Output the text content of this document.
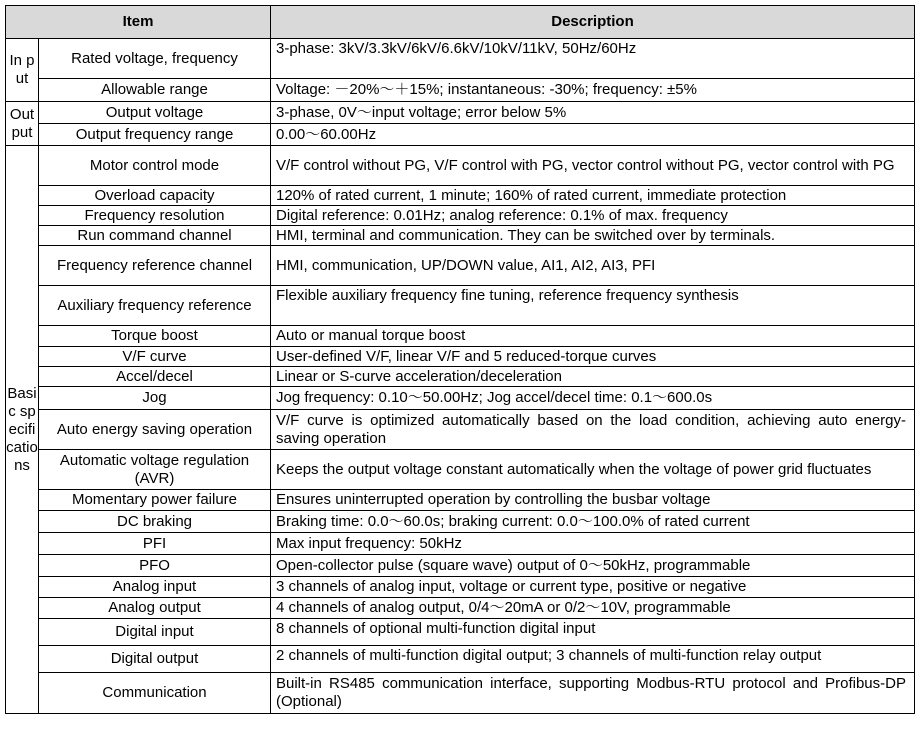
Item		Description
In put	Rated voltage, frequency	3-phase: 3kV/3.3kV/6kV/6.6kV/10kV/11kV, 50Hz/60Hz
	Allowable range	Voltage: －20%～＋15%; instantaneous: -30%; frequency: ±5%
Out put	Output voltage	3-phase, 0V～input voltage; error below 5%
	Output frequency range	0.00～60.00Hz
Basic specifications	Motor control mode	V/F control without PG, V/F control with PG, vector control without PG, vector control with PG
	Overload capacity	120% of rated current, 1 minute; 160% of rated current, immediate protection
	Frequency resolution	Digital reference: 0.01Hz; analog reference: 0.1% of max. frequency
	Run command channel	HMI, terminal and communication. They can be switched over by terminals.
	Frequency reference channel	HMI, communication, UP/DOWN value, AI1, AI2, AI3, PFI
	Auxiliary frequency reference	Flexible auxiliary frequency fine tuning, reference frequency synthesis
	Torque boost	Auto or manual torque boost
	V/F curve	User-defined V/F, linear V/F and 5 reduced-torque curves
	Accel/decel	Linear or S-curve acceleration/deceleration
	Jog	Jog frequency: 0.10～50.00Hz; Jog accel/decel time: 0.1～600.0s
	Auto energy saving operation	V/F curve is optimized automatically based on the load condition, achieving auto energy-saving operation
	Automatic voltage regulation (AVR)	Keeps the output voltage constant automatically when the voltage of power grid fluctuates
	Momentary power failure	Ensures uninterrupted operation by controlling the busbar voltage
	DC braking	Braking time: 0.0～60.0s; braking current: 0.0～100.0% of rated current
	PFI	Max input frequency: 50kHz
	PFO	Open-collector pulse (square wave) output of 0～50kHz, programmable
	Analog input	3 channels of analog input, voltage or current type, positive or negative
	Analog output	4 channels of analog output, 0/4～20mA or 0/2～10V, programmable
	Digital input	8 channels of optional multi-function digital input
	Digital output	2 channels of multi-function digital output; 3 channels of multi-function relay output
	Communication	Built-in RS485 communication interface, supporting Modbus-RTU protocol and Profibus-DP (Optional)
